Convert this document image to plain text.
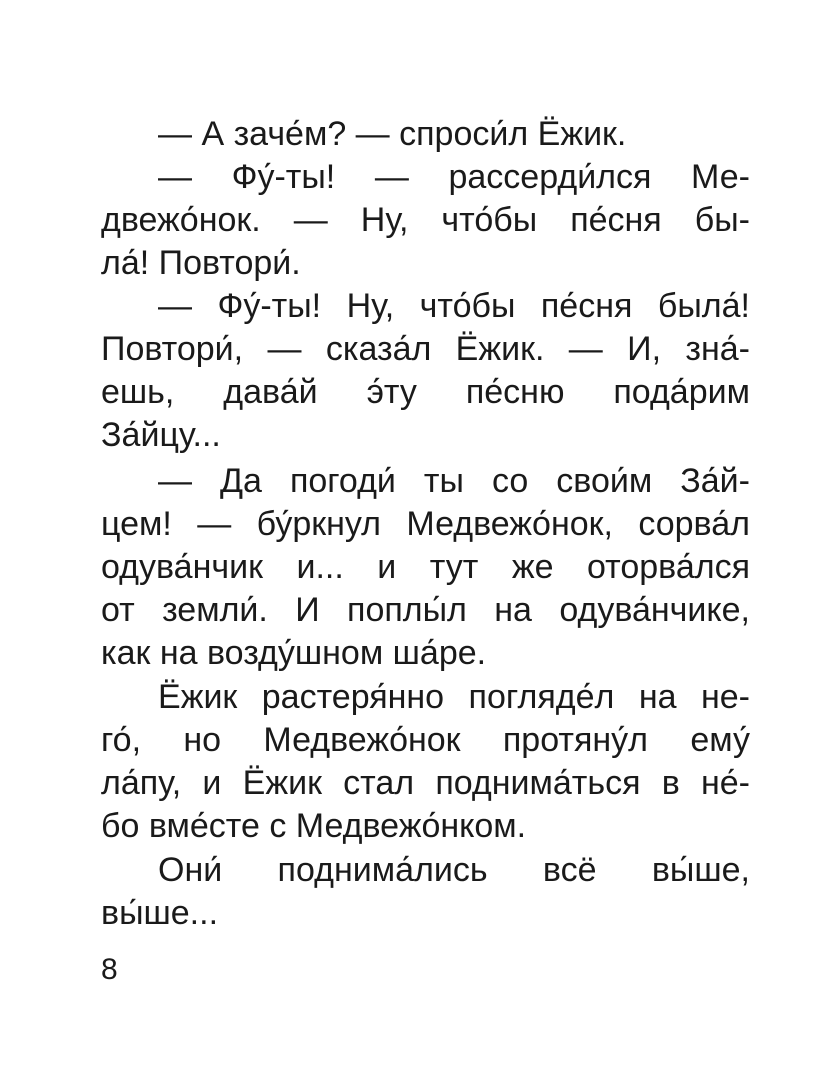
— А заче́м? — спроси́л Ёжик.
— Фу́-ты! — рассерди́лся Ме-
двежо́нок. — Ну, что́бы пе́сня бы-
ла́! Повтори́.
— Фу́-ты! Ну, что́бы пе́сня была́!
Повтори́, — сказа́л Ёжик. — И, зна́-
ешь, дава́й э́ту пе́сню пода́рим
За́йцу...
— Да погоди́ ты со свои́м За́й-
цем! — бу́ркнул Медвежо́нок, сорва́л
одува́нчик и... и тут же оторва́лся
от земли́. И поплы́л на одува́нчике,
как на возду́шном ша́ре.
Ёжик растеря́нно погляде́л на не-
го́, но Медвежо́нок протяну́л ему́
ла́пу, и Ёжик стал поднима́ться в не́-
бо вме́сте с Медвежо́нком.
Они́ поднима́лись всё вы́ше,
вы́ше...
8
